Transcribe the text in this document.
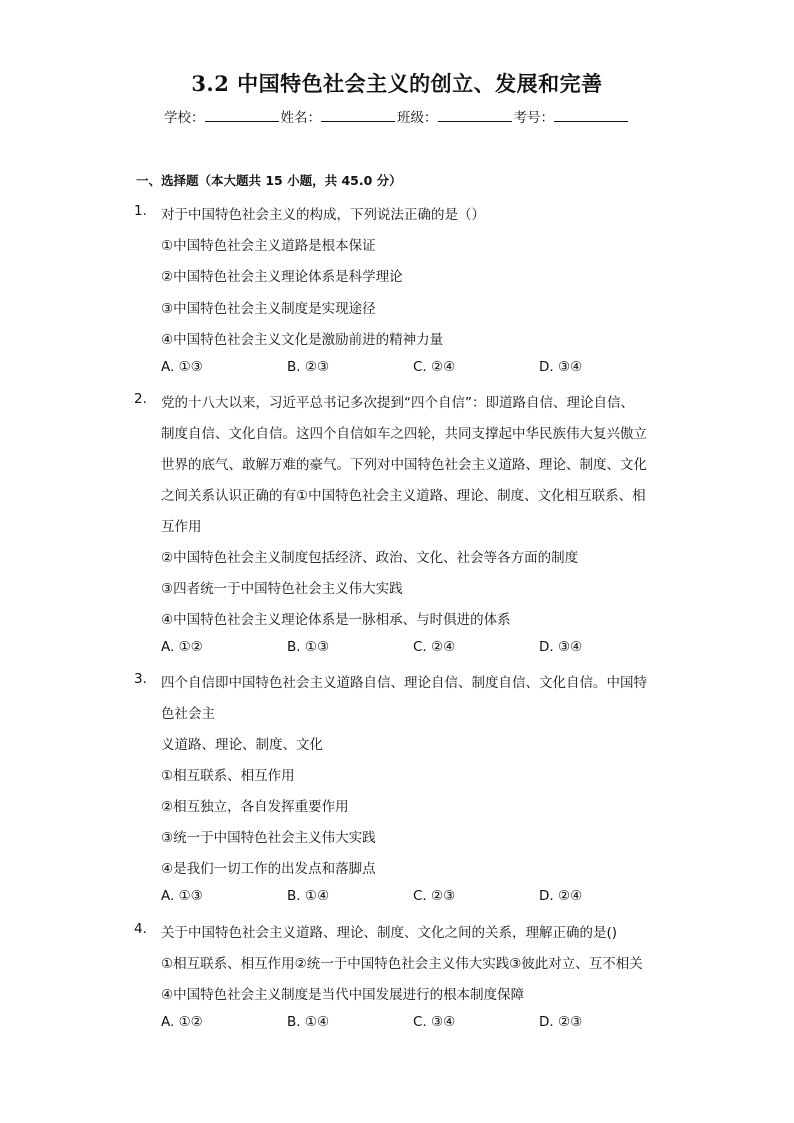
3.2 中国特色社会主义的创立、发展和完善
学校：	姓名：	班级：	考号：
一、选择题（本大题共 15 小题，共 45.0 分）
1. 对于中国特色社会主义的构成，下列说法正确的是（）
①中国特色社会主义道路是根本保证
②中国特色社会主义理论体系是科学理论
③中国特色社会主义制度是实现途径
④中国特色社会主义文化是激励前进的精神力量
A. ①③	B. ②③	C. ②④	D. ③④
2. 党的十八大以来，习近平总书记多次提到“四个自信”：即道路自信、理论自信、
制度自信、文化自信。这四个自信如车之四轮，共同支撑起中华民族伟大复兴傲立
世界的底气、敢解万难的豪气。下列对中国特色社会主义道路、理论、制度、文化
之间关系认识正确的有①中国特色社会主义道路、理论、制度、文化相互联系、相
互作用
②中国特色社会主义制度包括经济、政治、文化、社会等各方面的制度
③四者统一于中国特色社会主义伟大实践
④中国特色社会主义理论体系是一脉相承、与时俱进的体系
A. ①②	B. ①③	C. ②④	D. ③④
3. 四个自信即中国特色社会主义道路自信、理论自信、制度自信、文化自信。中国特
色社会主
义道路、理论、制度、文化
①相互联系、相互作用
②相互独立，各自发挥重要作用
③统一于中国特色社会主义伟大实践
④是我们一切工作的出发点和落脚点
A. ①③	B. ①④	C. ②③	D. ②④
4. 关于中国特色社会主义道路、理论、制度、文化之间的关系，理解正确的是()
①相互联系、相互作用②统一于中国特色社会主义伟大实践③彼此对立、互不相关
④中国特色社会主义制度是当代中国发展进行的根本制度保障
A. ①②	B. ①④	C. ③④	D. ②③
